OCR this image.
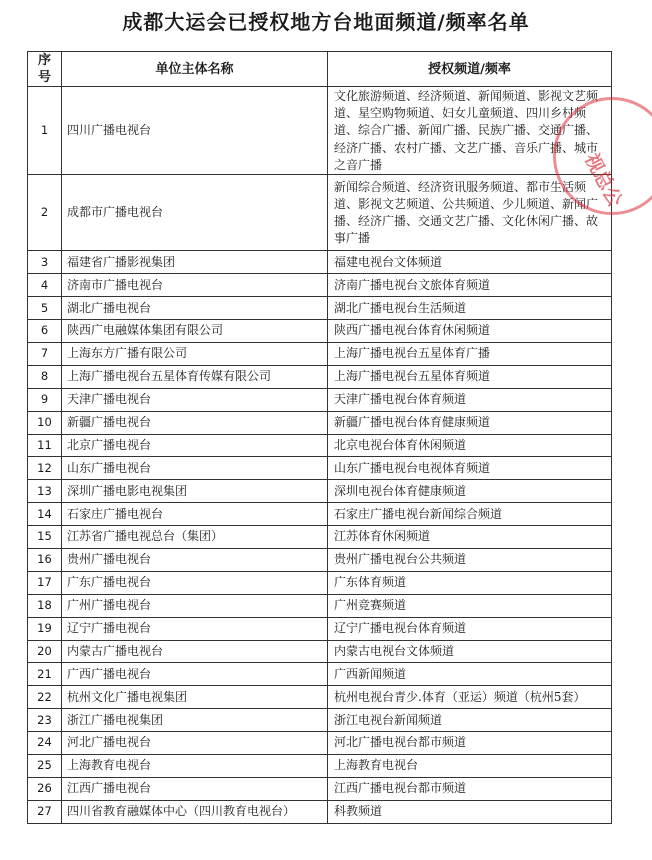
成都大运会已授权地方台地面频道/频率名单
序号	单位主体名称	授权频道/频率
1	四川广播电视台	文化旅游频道、经济频道、新闻频道、影视文艺频道、星空购物频道、妇女儿童频道、四川乡村频道、综合广播、新闻广播、民族广播、交通广播、经济广播、农村广播、文艺广播、音乐广播、城市之音广播
2	成都市广播电视台	新闻综合频道、经济资讯服务频道、都市生活频道、影视文艺频道、公共频道、少儿频道、新闻广播、经济广播、交通文艺广播、文化休闲广播、故事广播
3	福建省广播影视集团	福建电视台文体频道
4	济南市广播电视台	济南广播电视台文旅体育频道
5	湖北广播电视台	湖北广播电视台生活频道
6	陕西广电融媒体集团有限公司	陕西广播电视台体育休闲频道
7	上海东方广播有限公司	上海广播电视台五星体育广播
8	上海广播电视台五星体育传媒有限公司	上海广播电视台五星体育频道
9	天津广播电视台	天津广播电视台体育频道
10	新疆广播电视台	新疆广播电视台体育健康频道
11	北京广播电视台	北京电视台体育休闲频道
12	山东广播电视台	山东广播电视台电视体育频道
13	深圳广播电影电视集团	深圳电视台体育健康频道
14	石家庄广播电视台	石家庄广播电视台新闻综合频道
15	江苏省广播电视总台（集团）	江苏体育休闲频道
16	贵州广播电视台	贵州广播电视台公共频道
17	广东广播电视台	广东体育频道
18	广州广播电视台	广州竞赛频道
19	辽宁广播电视台	辽宁广播电视台体育频道
20	内蒙古广播电视台	内蒙古电视台文体频道
21	广西广播电视台	广西新闻频道
22	杭州文化广播电视集团	杭州电视台青少.体育（亚运）频道（杭州5套）
23	浙江广播电视集团	浙江电视台新闻频道
24	河北广播电视台	河北广播电视台都市频道
25	上海教育电视台	上海教育电视台
26	江西广播电视台	江西广播电视台都市频道
27	四川省教育融媒体中心（四川教育电视台）	科教频道
视总公
